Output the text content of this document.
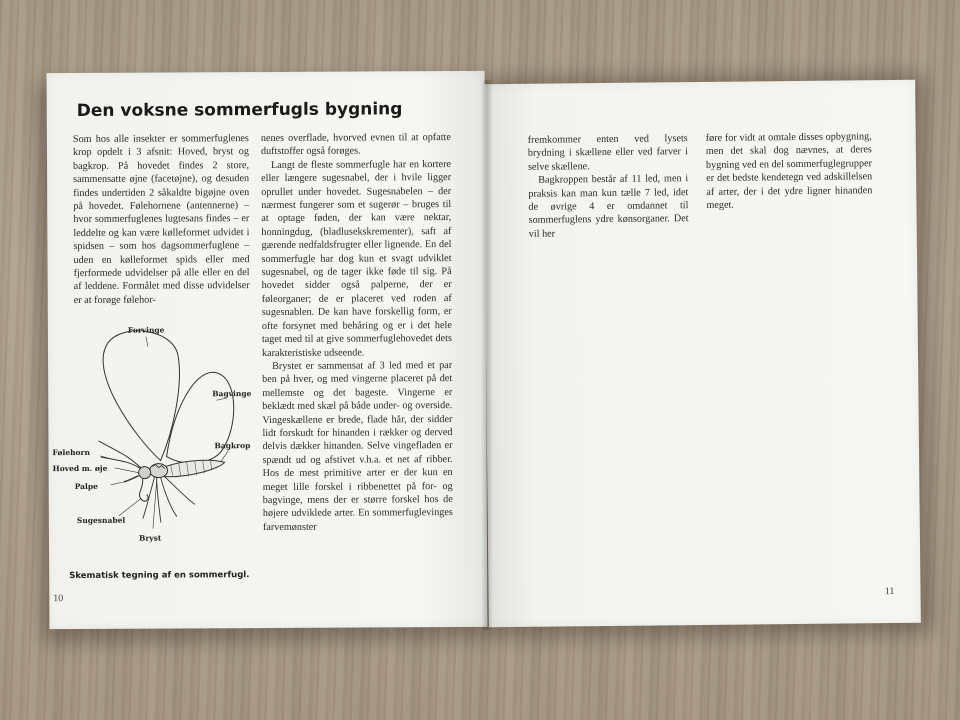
Den voksne sommerfugls bygning

Som hos alle insekter er sommerfuglenes krop opdelt i 3 afsnit: Hoved, bryst og bagkrop. På hovedet findes 2 store, sammensatte øjne (facetøjne), og desuden findes undertiden 2 såkaldte bigøjne oven på hovedet. Følehornene (antennerne) – hvor sommerfuglenes lugtesans findes – er leddelte og kan være kølleformet udvidet i spidsen – som hos dagsommerfuglene – uden en kølleformet spids eller med fjerformede udvidelser på alle eller en del af leddene. Formålet med disse udvidelser er at forøge følehor-

nenes overflade, hvorved evnen til at opfatte duftstoffer også forøges.

Langt de fleste sommerfugle har en kortere eller længere sugesnabel, der i hvile ligger oprullet under hovedet. Sugesnabelen – der nærmest fungerer som et sugerør – bruges til at optage føden, der kan være nektar, honningdug, (bladlusekskrementer), saft af gærende nedfaldsfrugter eller lignende. En del sommerfugle har dog kun et svagt udviklet sugesnabel, og de tager ikke føde til sig. På hovedet sidder også palperne, der er føleorganer; de er placeret ved roden af sugesnablen. De kan have forskellig form, er ofte forsynet med behåring og er i det hele taget med til at give sommerfuglehovedet dets karakteristiske udseende.

Brystet er sammensat af 3 led med et par ben på hver, og med vingerne placeret på det mellemste og det bageste. Vingerne er beklædt med skæl på både under- og overside. Vingeskællene er brede, flade hår, der sidder lidt forskudt for hinanden i rækker og derved delvis dækker hinanden. Selve vingefladen er spændt ud og afstivet v.h.a. et net af ribber. Hos de mest primitive arter er der kun en meget lille forskel i ribbenettet på for- og bagvinge, mens der er større forskel hos de højere udviklede arter. En sommerfuglevinges farvemønster

Forvinge
Bagvinge
Bagkrop
Følehorn
Hoved m. øje
Palpe
Sugesnabel
Bryst
Skematisk tegning af en sommerfugl.
10

fremkommer enten ved lysets brydning i skællene eller ved farver i selve skællene.

Bagkroppen består af 11 led, men i praksis kan man kun tælle 7 led, idet de øvrige 4 er omdannet til sommerfuglens ydre kønsorganer. Det vil her

føre for vidt at omtale disses opbygning, men det skal dog nævnes, at deres bygning ved en del sommerfuglegrupper er det bedste kendetegn ved adskillelsen af arter, der i det ydre ligner hinanden meget.

11
